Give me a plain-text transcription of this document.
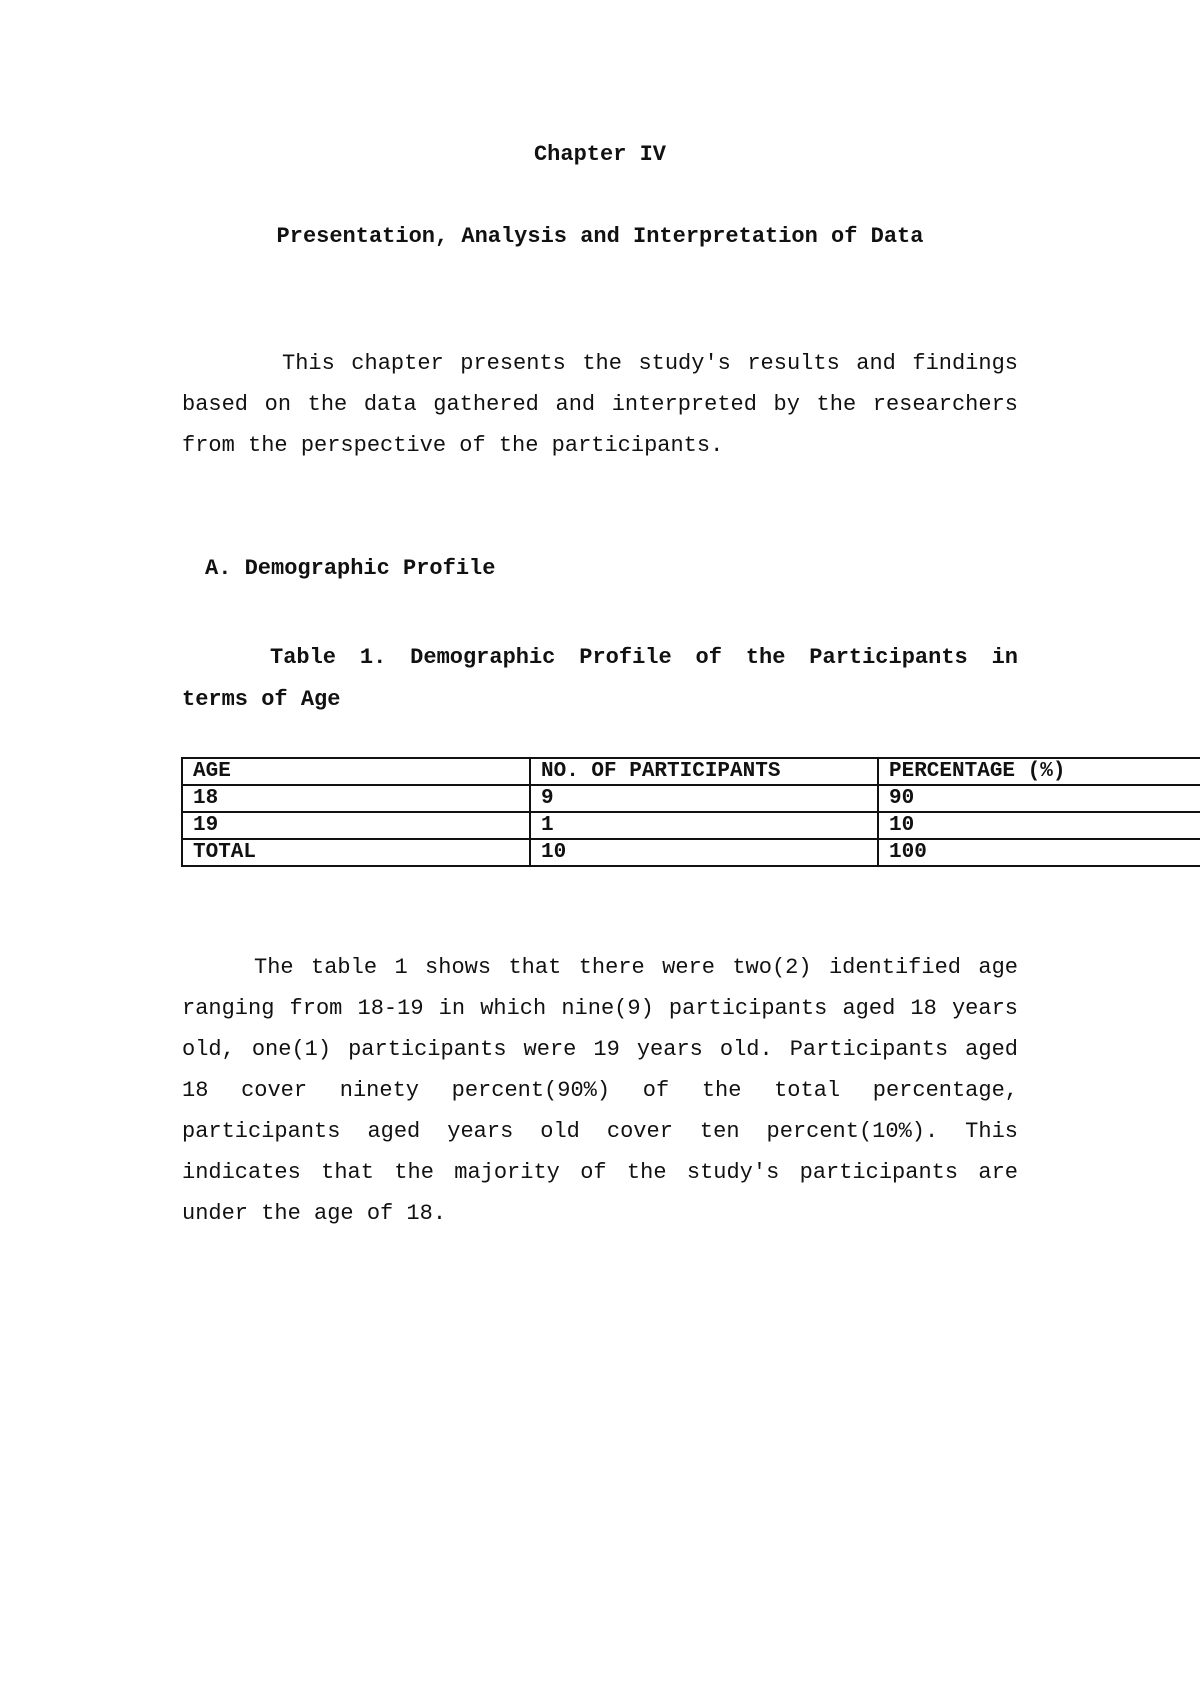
Chapter IV
Presentation, Analysis and Interpretation of Data

This chapter presents the study's results and findings based on the data gathered and interpreted by the researchers from the perspective of the participants.

A. Demographic Profile

Table 1. Demographic Profile of the Participants in terms of Age

AGE	NO. OF PARTICIPANTS	PERCENTAGE (%)
18	9	90
19	1	10
TOTAL	10	100

The table 1 shows that there were two(2) identified age ranging from 18-19 in which nine(9) participants aged 18 years old, one(1) participants were 19 years old. Participants aged 18 cover ninety percent(90%) of the total percentage, participants aged years old cover ten percent(10%). This indicates that the majority of the study's participants are under the age of 18.
